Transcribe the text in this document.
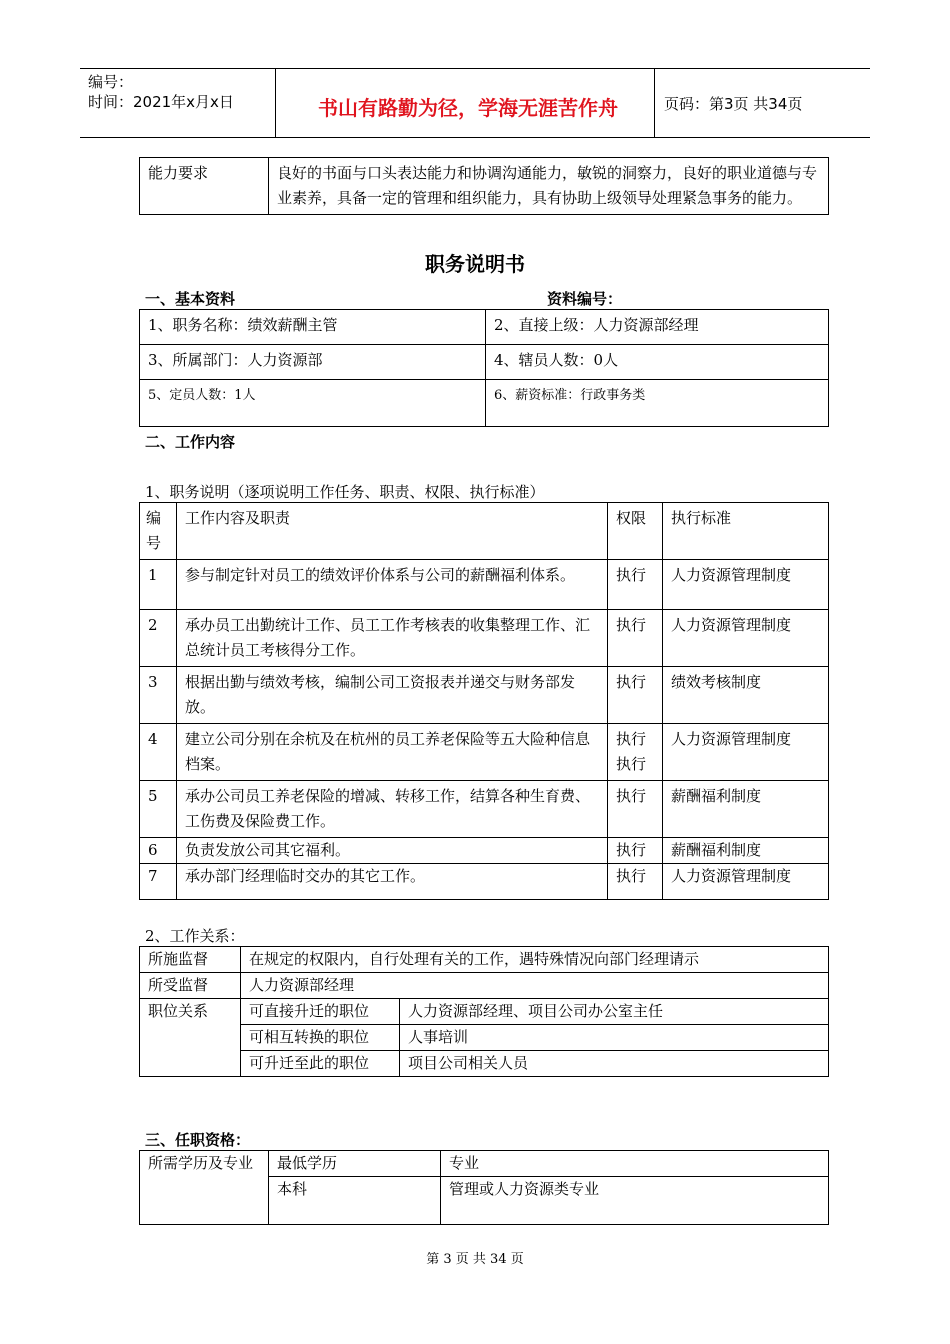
编号：
时间：2021年x月x日	书山有路勤为径，学海无涯苦作舟	页码：第3页 共34页
能力要求	良好的书面与口头表达能力和协调沟通能力，敏锐的洞察力，良好的职业道德与专业素养，具备一定的管理和组织能力，具有协助上级领导处理紧急事务的能力。
职务说明书
一、基本资料	资料编号：
1、职务名称：绩效薪酬主管	2、直接上级：人力资源部经理
3、所属部门：人力资源部	4、辖员人数：0人
5、定员人数：1人	6、薪资标准：行政事务类
二、工作内容
1、职务说明（逐项说明工作任务、职责、权限、执行标准）
编号	工作内容及职责	权限	执行标准
1	参与制定针对员工的绩效评价体系与公司的薪酬福利体系。	执行	人力资源管理制度
2	承办员工出勤统计工作、员工工作考核表的收集整理工作、汇总统计员工考核得分工作。	执行	人力资源管理制度
3	根据出勤与绩效考核，编制公司工资报表并递交与财务部发放。	执行	绩效考核制度
4	建立公司分别在余杭及在杭州的员工养老保险等五大险种信息档案。	执行 执行	人力资源管理制度
5	承办公司员工养老保险的增减、转移工作，结算各种生育费、工伤费及保险费工作。	执行	薪酬福利制度
6	负责发放公司其它福利。	执行	薪酬福利制度
7	承办部门经理临时交办的其它工作。	执行	人力资源管理制度
2、工作关系：
所施监督	在规定的权限内，自行处理有关的工作，遇特殊情况向部门经理请示	
所受监督	人力资源部经理	
职位关系	可直接升迁的职位	人力资源部经理、项目公司办公室主任
	可相互转换的职位	人事培训
	可升迁至此的职位	项目公司相关人员
三、任职资格：
所需学历及专业	最低学历	专业
	本科	管理或人力资源类专业
第 3 页 共 34 页
